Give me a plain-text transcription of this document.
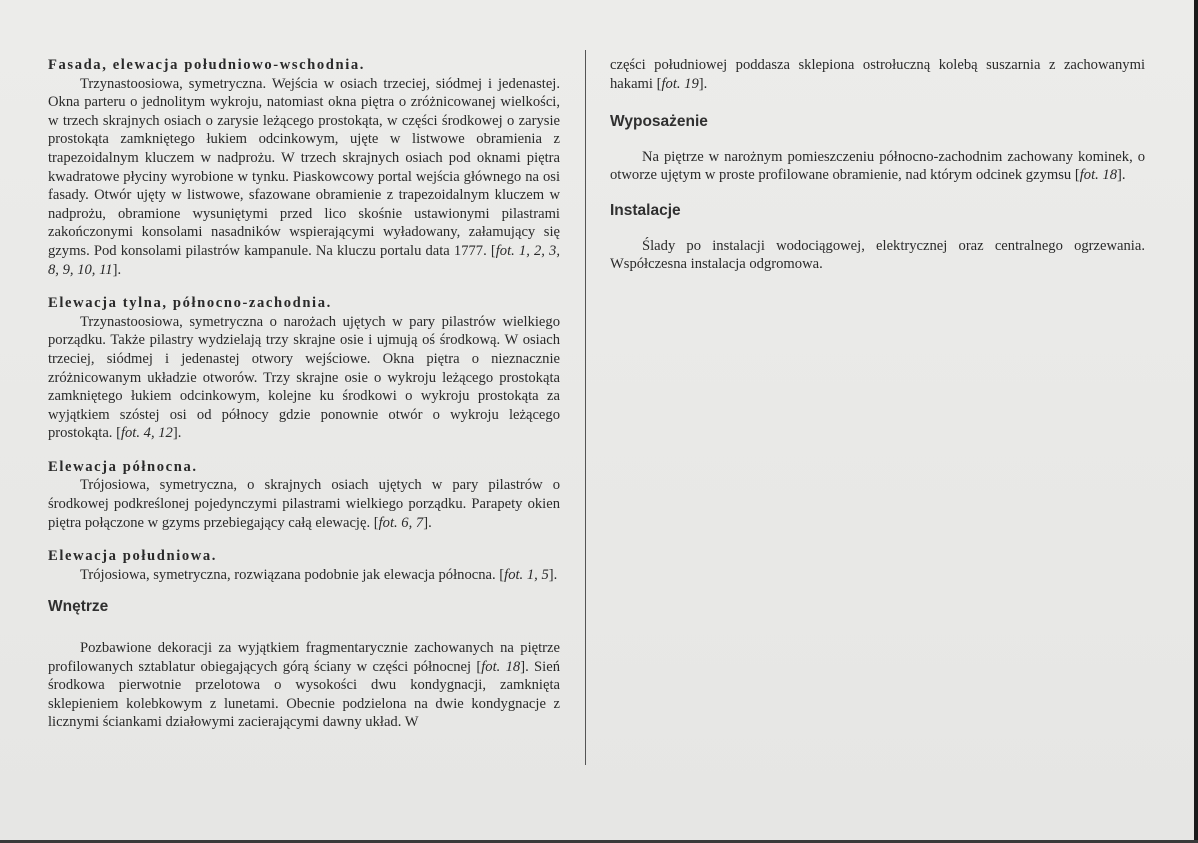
Fasada, elewacja południowo-wschodnia.

Trzynastoosiowa, symetryczna. Wejścia w osiach trzeciej, siódmej i jedenastej. Okna parteru o jednolitym wykroju, natomiast okna piętra o zróżnicowanej wielkości, w trzech skrajnych osiach o zarysie leżącego prostokąta, w części środkowej o zarysie prostokąta zamkniętego łukiem odcinkowym, ujęte w listwowe obramienia z trapezoidalnym kluczem w nadprożu. W trzech skrajnych osiach pod oknami piętra kwadratowe płyciny wyrobione w tynku. Piaskowcowy portal wejścia głównego na osi fasady. Otwór ujęty w listwowe, sfazowane obramienie z trapezoidalnym kluczem w nadprożu, obramione wysuniętymi przed lico skośnie ustawionymi pilastrami zakończonymi konsolami nasadników wspierającymi wyładowany, załamujący się gzyms. Pod konsolami pilastrów kampanule. Na kluczu portalu data 1777. [fot. 1, 2, 3, 8, 9, 10, 11].

Elewacja tylna, północno-zachodnia.

Trzynastoosiowa, symetryczna o narożach ujętych w pary pilastrów wielkiego porządku. Także pilastry wydzielają trzy skrajne osie i ujmują oś środkową. W osiach trzeciej, siódmej i jedenastej otwory wejściowe. Okna piętra o nieznacznie zróżnicowanym układzie otworów. Trzy skrajne osie o wykroju leżącego prostokąta zamkniętego łukiem odcinkowym, kolejne ku środkowi o wykroju prostokąta za wyjątkiem szóstej osi od północy gdzie ponownie otwór o wykroju leżącego prostokąta. [fot. 4, 12].

Elewacja północna.

Trójosiowa, symetryczna, o skrajnych osiach ujętych w pary pilastrów o środkowej podkreślonej pojedynczymi pilastrami wielkiego porządku. Parapety okien piętra połączone w gzyms przebiegający całą elewację. [fot. 6, 7].

Elewacja południowa.

Trójosiowa, symetryczna, rozwiązana podobnie jak elewacja północna. [fot. 1, 5].

Wnętrze

Pozbawione dekoracji za wyjątkiem fragmentarycznie zachowanych na piętrze profilowanych sztablatur obiegających górą ściany w części północnej [fot. 18]. Sień środkowa pierwotnie przelotowa o wysokości dwu kondygnacji, zamknięta sklepieniem kolebkowym z lunetami. Obecnie podzielona na dwie kondygnacje z licznymi ściankami działowymi zacierającymi dawny układ. W

części południowej poddasza sklepiona ostrołuczną kolebą suszarnia z zachowanymi hakami [fot. 19].

Wyposażenie

Na piętrze w narożnym pomieszczeniu północno-zachodnim zachowany kominek, o otworze ujętym w proste profilowane obramienie, nad którym odcinek gzymsu [fot. 18].

Instalacje

Ślady po instalacji wodociągowej, elektrycznej oraz centralnego ogrzewania. Współczesna instalacja odgromowa.
